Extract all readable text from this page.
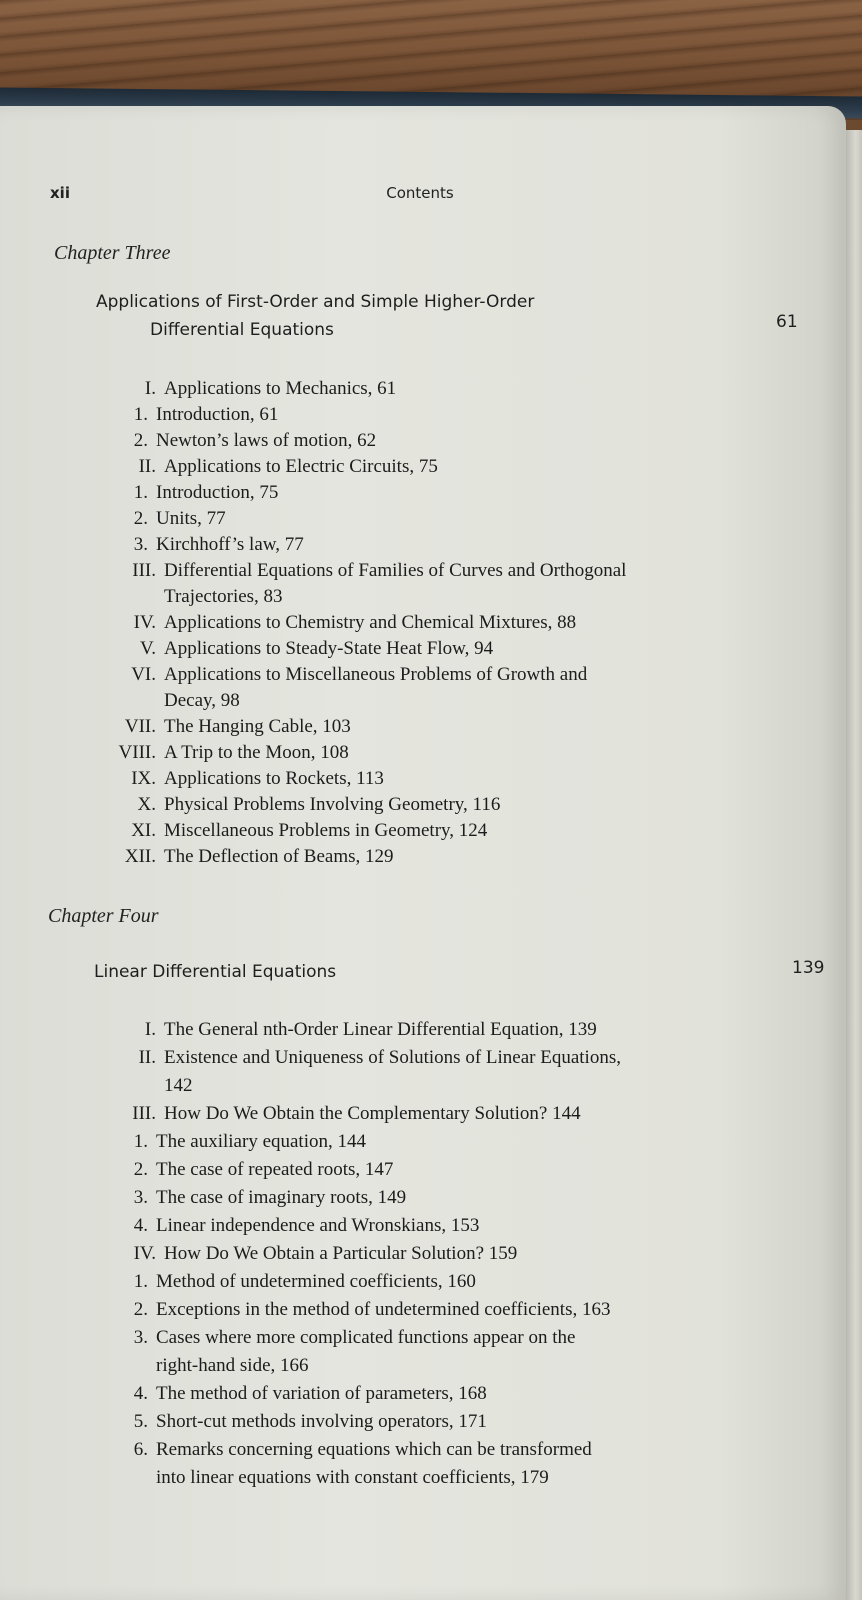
xii	Contents
Chapter Three
Applications of First-Order and Simple Higher-Order
Differential Equations	61
I. Applications to Mechanics, 61
1. Introduction, 61
2. Newton’s laws of motion, 62
II. Applications to Electric Circuits, 75
1. Introduction, 75
2. Units, 77
3. Kirchhoff’s law, 77
III. Differential Equations of Families of Curves and Orthogonal
Trajectories, 83
IV. Applications to Chemistry and Chemical Mixtures, 88
V. Applications to Steady-State Heat Flow, 94
VI. Applications to Miscellaneous Problems of Growth and
Decay, 98
VII. The Hanging Cable, 103
VIII. A Trip to the Moon, 108
IX. Applications to Rockets, 113
X. Physical Problems Involving Geometry, 116
XI. Miscellaneous Problems in Geometry, 124
XII. The Deflection of Beams, 129
Chapter Four
Linear Differential Equations	139
I. The General nth-Order Linear Differential Equation, 139
II. Existence and Uniqueness of Solutions of Linear Equations,
142
III. How Do We Obtain the Complementary Solution? 144
1. The auxiliary equation, 144
2. The case of repeated roots, 147
3. The case of imaginary roots, 149
4. Linear independence and Wronskians, 153
IV. How Do We Obtain a Particular Solution? 159
1. Method of undetermined coefficients, 160
2. Exceptions in the method of undetermined coefficients, 163
3. Cases where more complicated functions appear on the
right-hand side, 166
4. The method of variation of parameters, 168
5. Short-cut methods involving operators, 171
6. Remarks concerning equations which can be transformed
into linear equations with constant coefficients, 179
